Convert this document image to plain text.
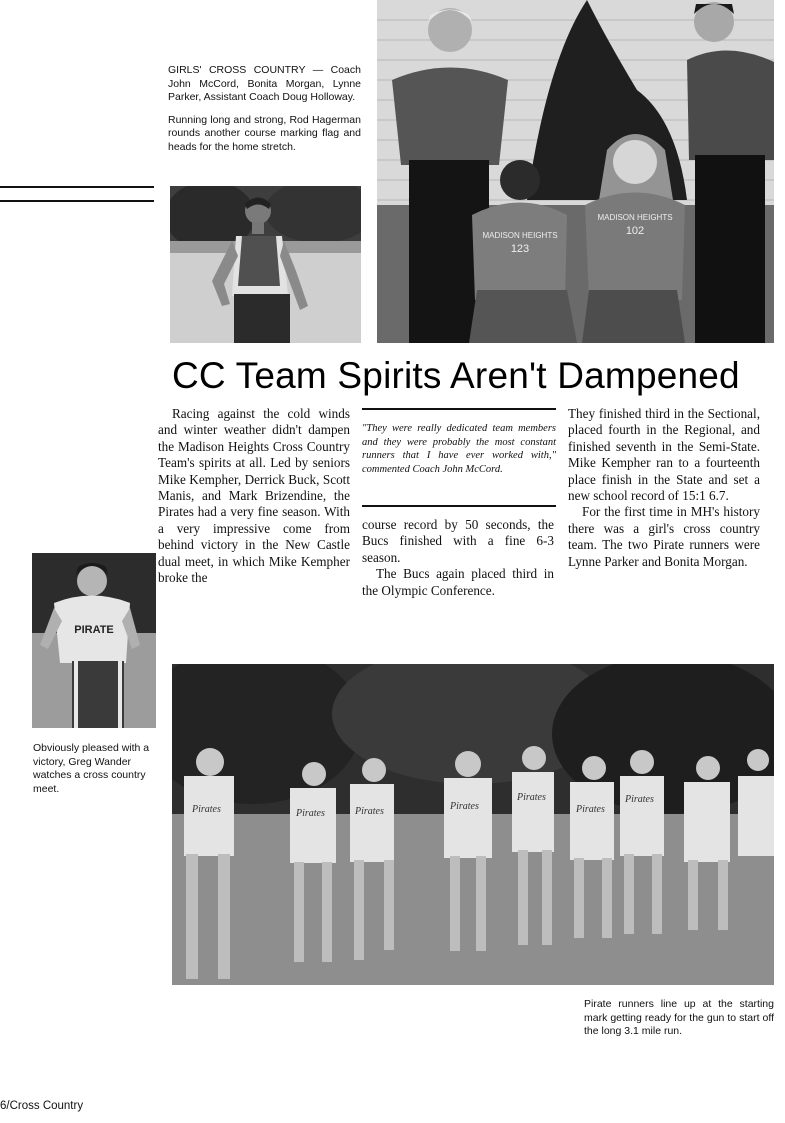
GIRLS' CROSS COUNTRY — Coach John McCord, Bonita Morgan, Lynne Parker, Assistant Coach Doug Holloway.

Running long and strong, Rod Hagerman rounds another course marking flag and heads for the home stretch.

MADISON HEIGHTS
123
MADISON HEIGHTS
102
CC Team Spirits Aren't Dampened

Racing against the cold winds and winter weather didn't dampen the Madison Heights Cross Country Team's spirits at all. Led by seniors Mike Kempher, Derrick Buck, Scott Manis, and Mark Brizendine, the Pirates had a very fine season. With a very impressive come from behind victory in the New Castle dual meet, in which Mike Kempher broke the

"They were really dedicated team members and they were probably the most constant runners that I have ever worked with," commented Coach John McCord.

course record by 50 seconds, the Bucs finished with a fine 6-3 season.

The Bucs again placed third in the Olympic Conference.

They finished third in the Sectional, placed fourth in the Regional, and finished seventh in the Semi-State. Mike Kempher ran to a fourteenth place finish in the State and set a new school record of 15:1 6.7.

For the first time in MH's history there was a girl's cross country team. The two Pirate runners were Lynne Parker and Bonita Morgan.

PIRATE
Obviously pleased with a victory, Greg Wander watches a cross country meet.
Pirates	Pirates	Pirates	Pirates
Pirates
Pirates
Pirates
Pirate runners line up at the starting mark getting ready for the gun to start off the long 3.1 mile run.
6/Cross Country
